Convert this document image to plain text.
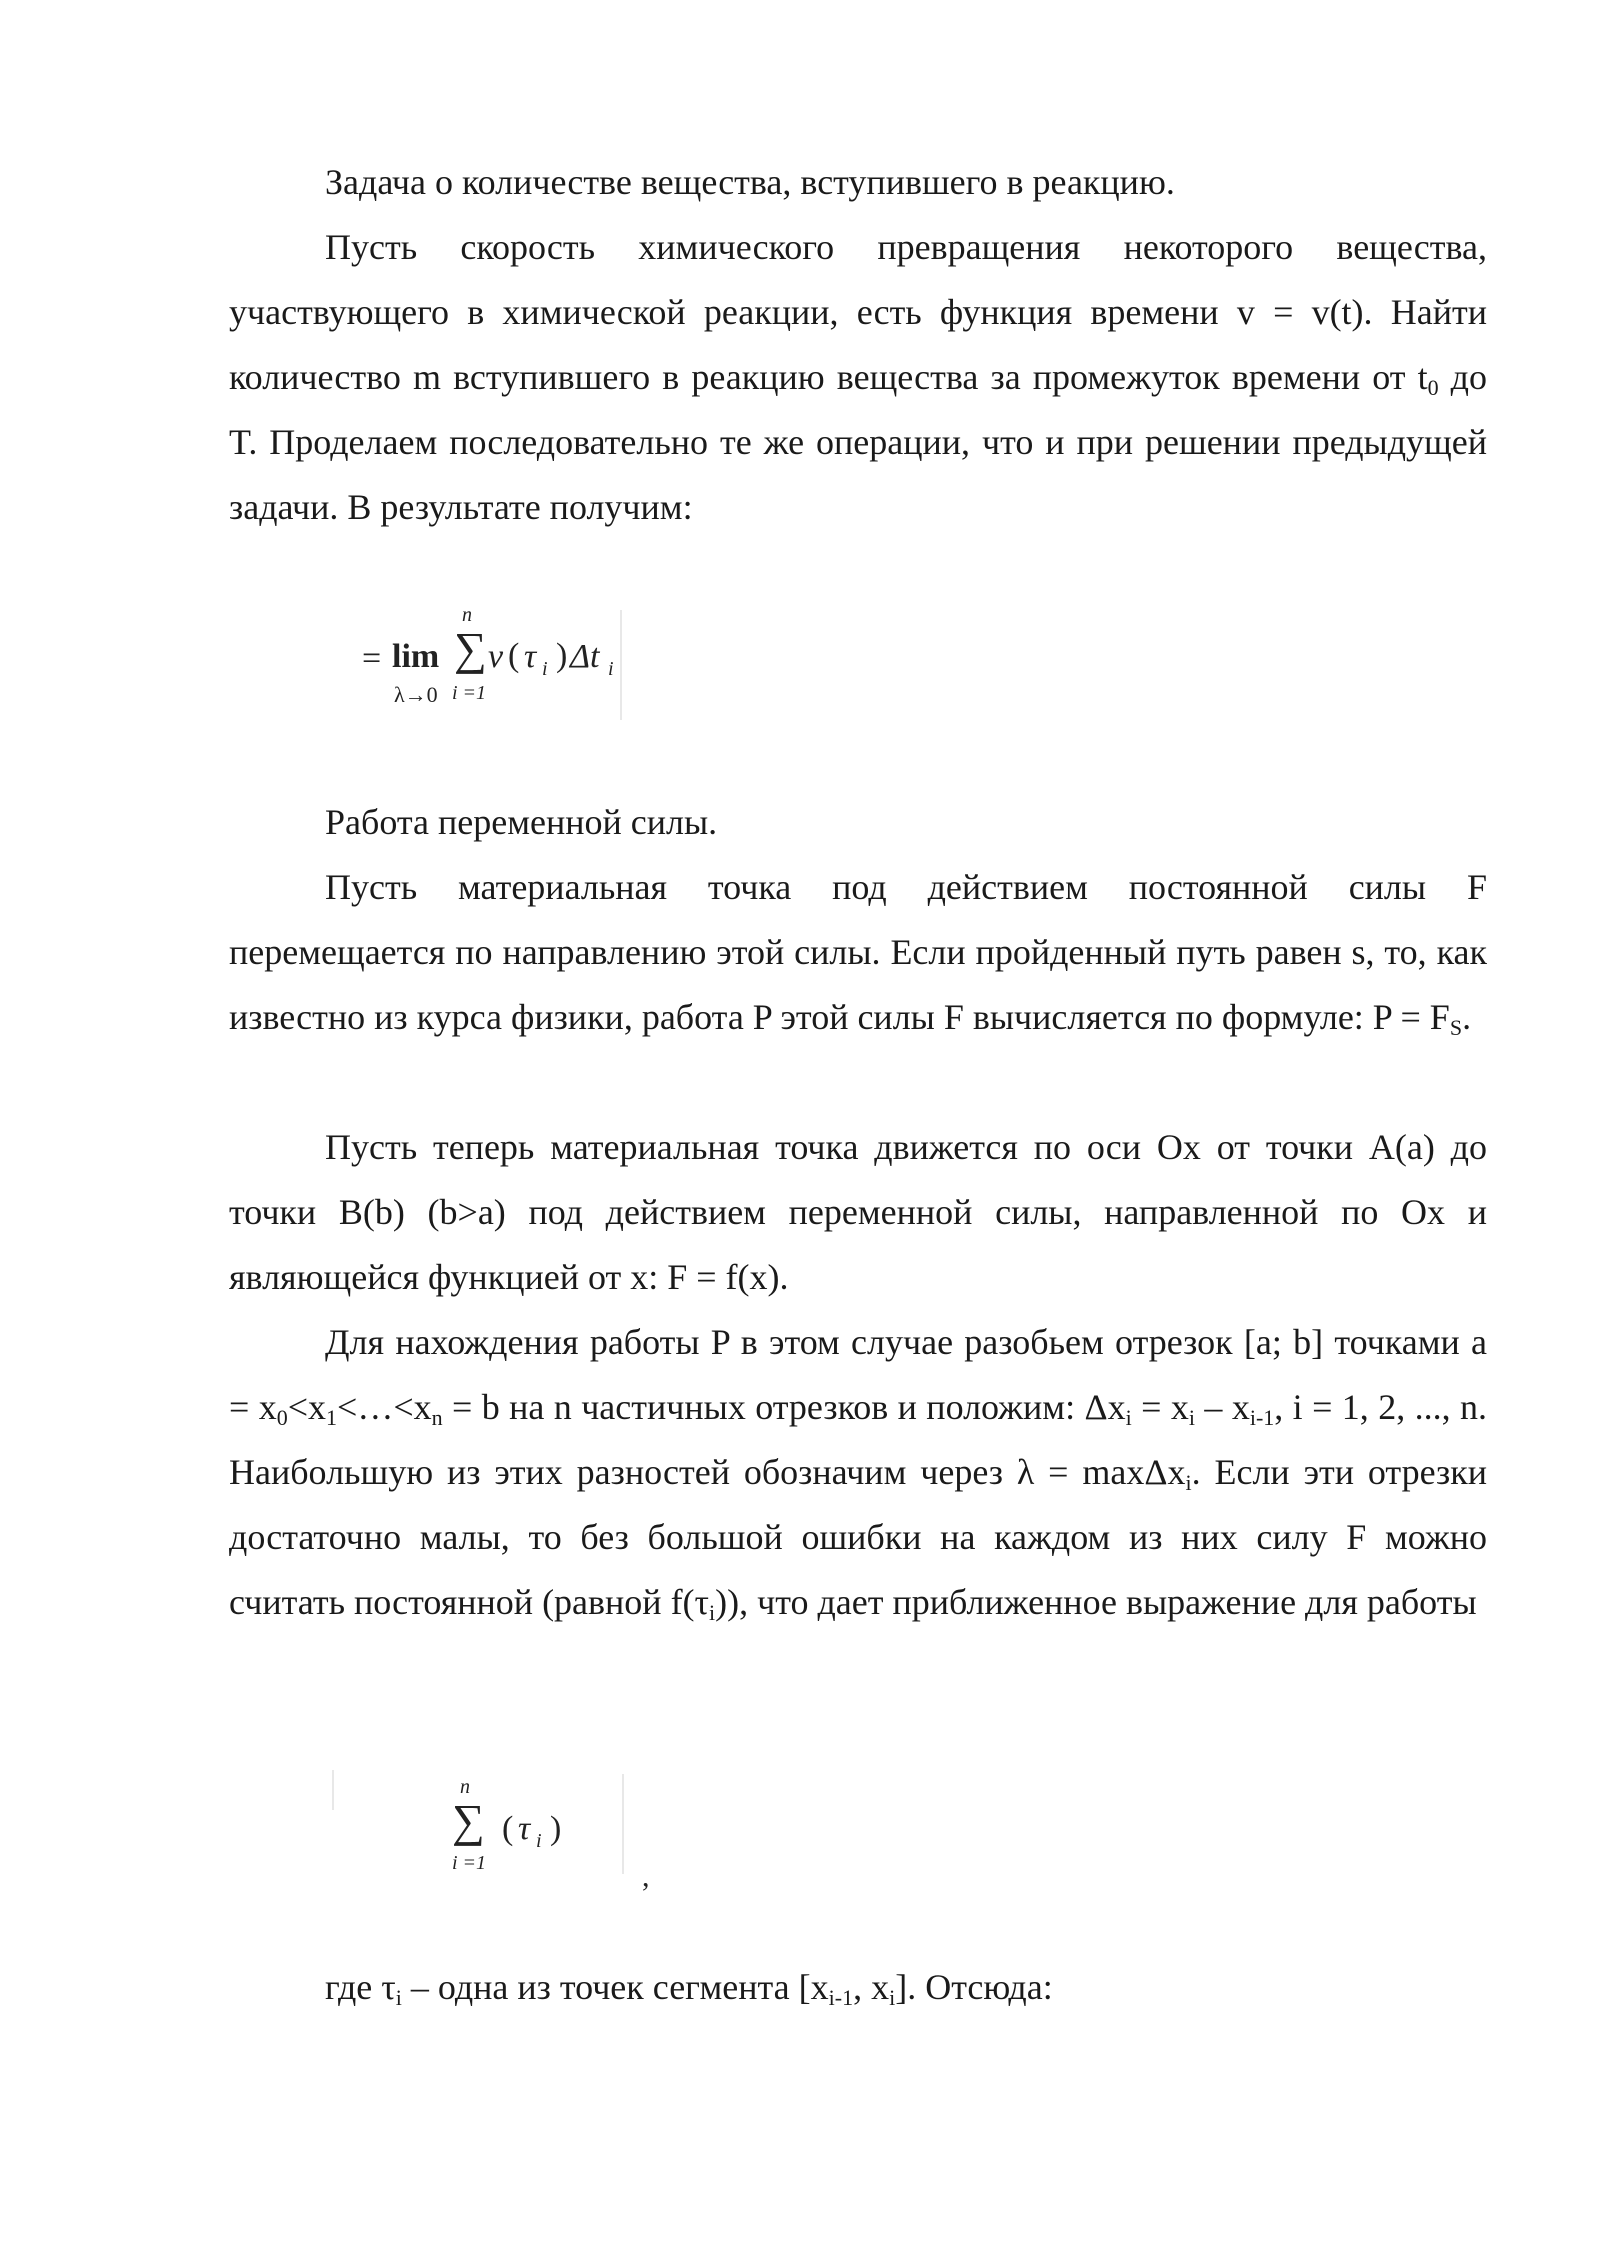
Задача о количестве вещества, вступившего в реакцию.

Пусть скорость химического превращения некоторого вещества, участвующего в химической реакции, есть функция времени v = v(t). Найти количество m вступившего в реакцию вещества за промежуток времени от $t_0$ до T. Проделаем последовательно те же операции, что и при решении предыдущей задачи. В результате получим:

= lim
λ→0
n
∑
i =1
v ( τ i ) Δt i

Работа переменной силы.

Пусть материальная точка под действием постоянной силы F перемещается по направлению этой силы. Если пройденный путь равен s, то, как известно из курса физики, работа P этой силы F вычисляется по формуле: $P = F_S$.

Пусть теперь материальная точка движется по оси Ox от точки A(a) до точки B(b) (b>a) под действием переменной силы, направленной по Ox и являющейся функцией от x: F = f(x).

Для нахождения работы P в этом случае разобьем отрезок [a; b] точками $a = x_0<x_1<\dots<x_n = b$ на n частичных отрезков и положим: $\Delta x_i = x_i - x_{i-1}$, i = 1, 2, ..., n. Наибольшую из этих разностей обозначим через λ = maxΔx$_i$. Если эти отрезки достаточно малы, то без большой ошибки на каждом из них силу F можно считать постоянной (равной $f(\tau_i)$), что дает приближенное выражение для работы

n
∑
i =1
( τ i )
,

где $\tau_i$ – одна из точек сегмента [$x_{i-1}$, $x_i$]. Отсюда:
